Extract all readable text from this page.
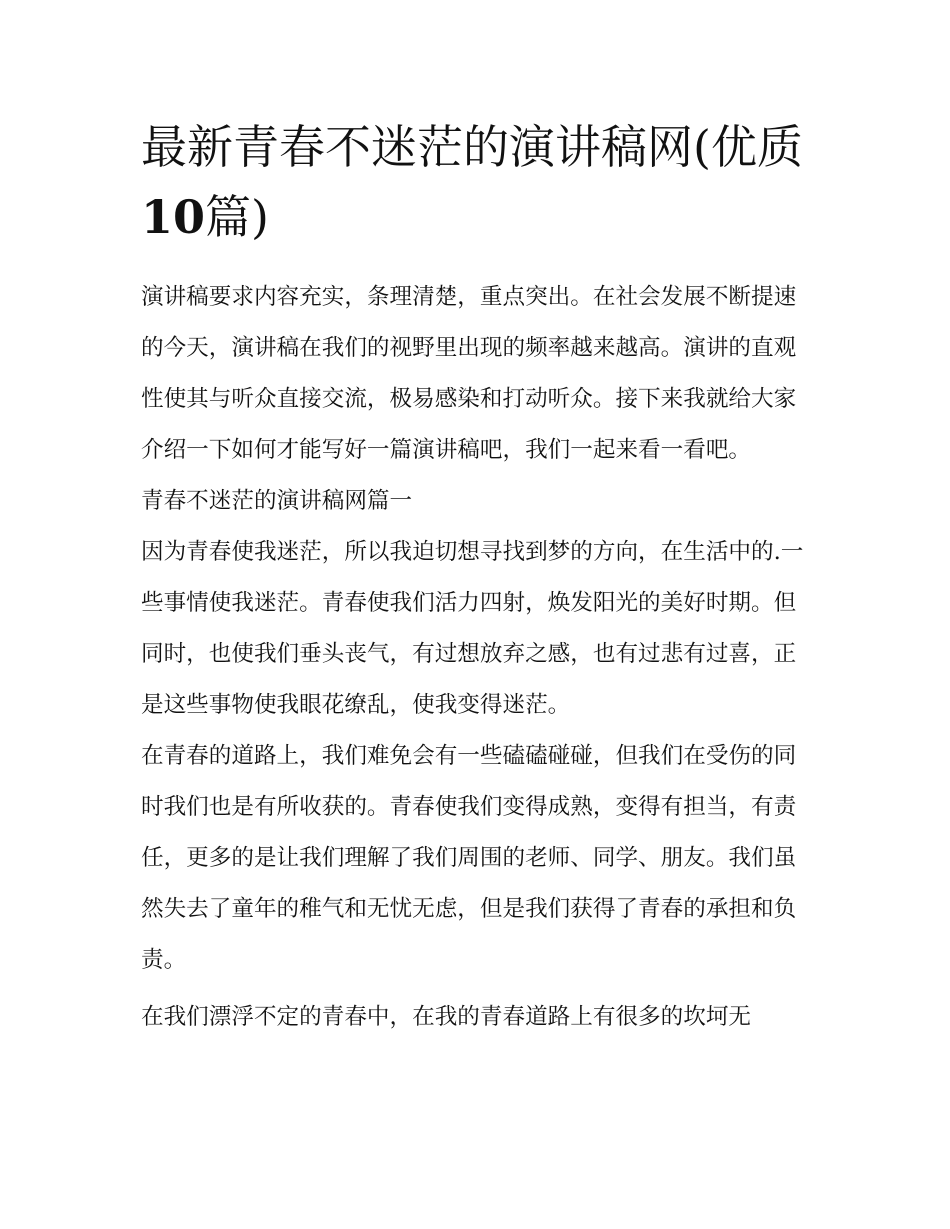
最新青春不迷茫的演讲稿网(优质10篇)

演讲稿要求内容充实，条理清楚，重点突出。在社会发展不断提速的今天，演讲稿在我们的视野里出现的频率越来越高。演讲的直观性使其与听众直接交流，极易感染和打动听众。接下来我就给大家介绍一下如何才能写好一篇演讲稿吧，我们一起来看一看吧。

青春不迷茫的演讲稿网篇一

因为青春使我迷茫，所以我迫切想寻找到梦的方向，在生活中的.一些事情使我迷茫。青春使我们活力四射，焕发阳光的美好时期。但同时，也使我们垂头丧气，有过想放弃之感，也有过悲有过喜，正是这些事物使我眼花缭乱，使我变得迷茫。

在青春的道路上，我们难免会有一些磕磕碰碰，但我们在受伤的同时我们也是有所收获的。青春使我们变得成熟，变得有担当，有责任，更多的是让我们理解了我们周围的老师、同学、朋友。我们虽然失去了童年的稚气和无忧无虑，但是我们获得了青春的承担和负责。

在我们漂浮不定的青春中，在我的青春道路上有很多的坎坷无
